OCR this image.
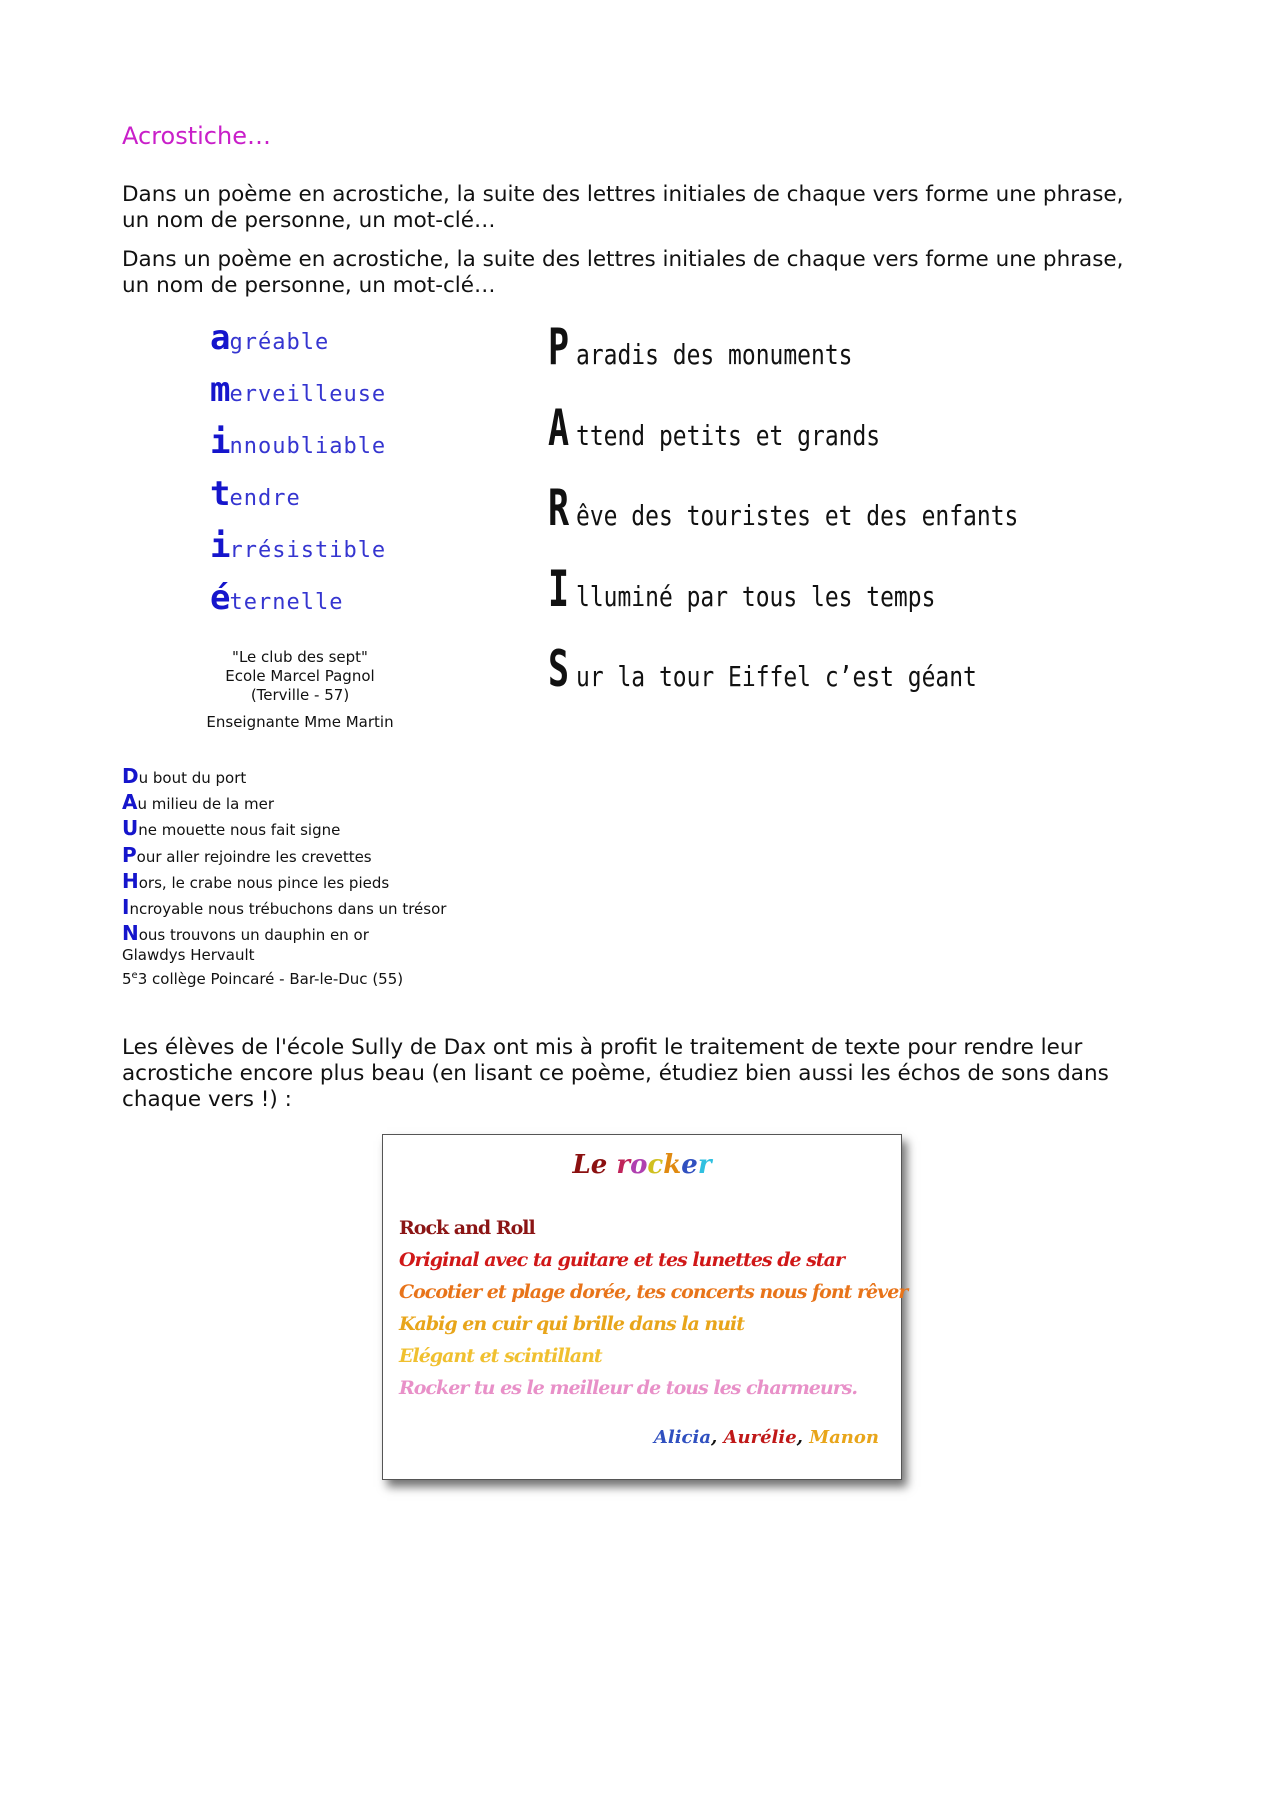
Acrostiche…
Dans un poème en acrostiche, la suite des lettres initiales de chaque vers forme une phrase, un nom de personne, un mot-clé…
Dans un poème en acrostiche, la suite des lettres initiales de chaque vers forme une phrase, un nom de personne, un mot-clé…
a gréable
m erveilleuse
i nnoubliable
t endre
i rrésistible
é ternelle
"Le club des sept"
Ecole Marcel Pagnol
(Terville - 57)
Enseignante Mme Martin
P aradis des monuments
A ttend petits et grands
R êve des touristes et des enfants
I lluminé par tous les temps
S ur la tour Eiffel c’est géant
D u bout du port
A u milieu de la mer
U ne mouette nous fait signe
P our aller rejoindre les crevettes
H ors, le crabe nous pince les pieds
I ncroyable nous trébuchons dans un trésor
N ous trouvons un dauphin en or
Glawdys Hervault
5e3 collège Poincaré - Bar-le-Duc (55)
Les élèves de l'école Sully de Dax ont mis à profit le traitement de texte pour rendre leur acrostiche encore plus beau (en lisant ce poème, étudiez bien aussi les échos de sons dans chaque vers !) :
Le rocker
Rock and Roll
Original avec ta guitare et tes lunettes de star
Cocotier et plage dorée, tes concerts nous font rêver
Kabig en cuir qui brille dans la nuit
Elégant et scintillant
Rocker tu es le meilleur de tous les charmeurs.
Alicia, Aurélie, Manon
